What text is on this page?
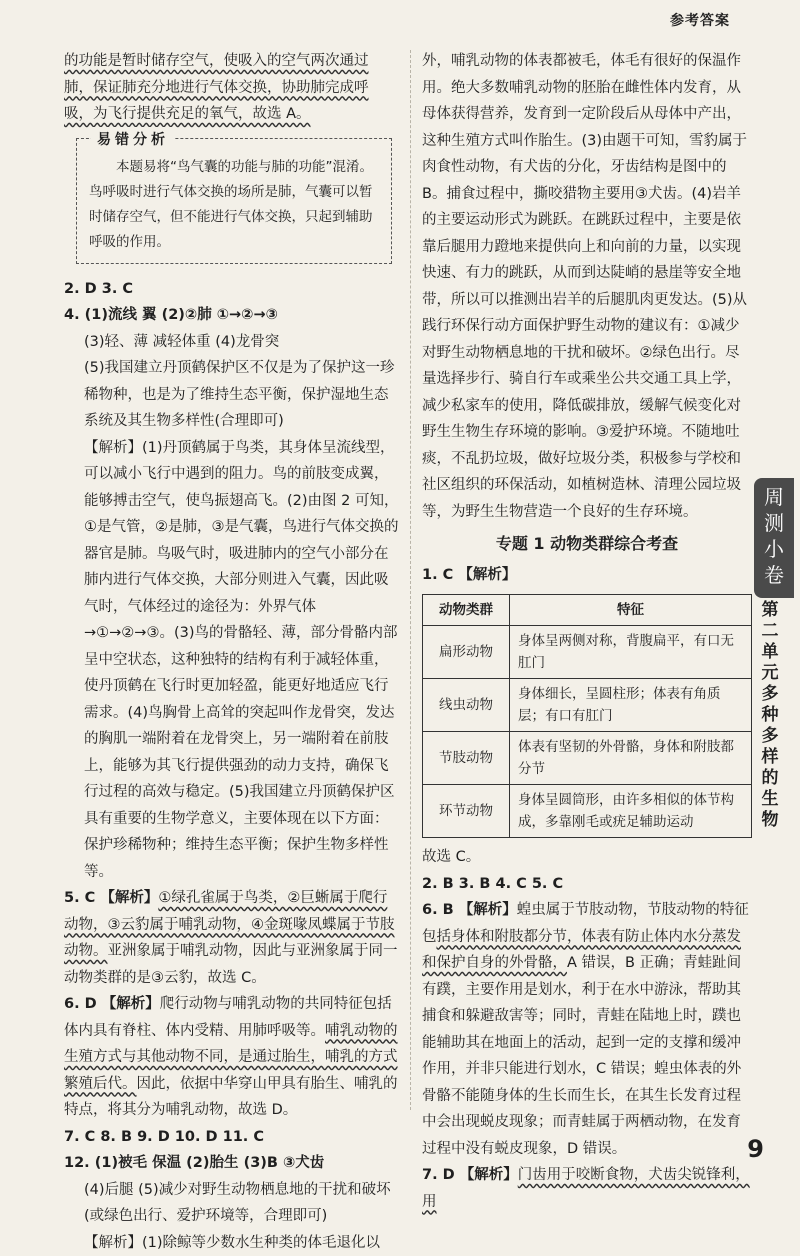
参考答案

的功能是暂时储存空气，使吸入的空气两次通过

肺，保证肺充分地进行气体交换，协助肺完成呼

吸，为飞行提供充足的氧气，故选 A。

易错分析

本题易将“鸟气囊的功能与肺的功能”混淆。鸟呼吸时进行气体交换的场所是肺，气囊可以暂时储存空气，但不能进行气体交换，只起到辅助呼吸的作用。

2. D 3. C

4. (1)流线 翼 (2)②肺 ①→②→③

(3)轻、薄 减轻体重 (4)龙骨突

(5)我国建立丹顶鹤保护区不仅是为了保护这一珍稀物种，也是为了维持生态平衡，保护湿地生态系统及其生物多样性(合理即可)

【解析】(1)丹顶鹤属于鸟类，其身体呈流线型，可以减小飞行中遇到的阻力。鸟的前肢变成翼，能够搏击空气，使鸟振翅高飞。(2)由图 2 可知，①是气管，②是肺，③是气囊，鸟进行气体交换的器官是肺。鸟吸气时，吸进肺内的空气小部分在肺内进行气体交换，大部分则进入气囊，因此吸气时，气体经过的途径为：外界气体→①→②→③。(3)鸟的骨骼轻、薄，部分骨骼内部呈中空状态，这种独特的结构有利于减轻体重，使丹顶鹤在飞行时更加轻盈，能更好地适应飞行需求。(4)鸟胸骨上高耸的突起叫作龙骨突，发达的胸肌一端附着在龙骨突上，另一端附着在前肢上，能够为其飞行提供强劲的动力支持，确保飞行过程的高效与稳定。(5)我国建立丹顶鹤保护区具有重要的生物学意义，主要体现在以下方面：保护珍稀物种；维持生态平衡；保护生物多样性等。

5. C 【解析】①绿孔雀属于鸟类，②巨蜥属于爬行动物，③云豹属于哺乳动物，④金斑喙凤蝶属于节肢动物。亚洲象属于哺乳动物，因此与亚洲象属于同一动物类群的是③云豹，故选 C。

6. D 【解析】爬行动物与哺乳动物的共同特征包括体内具有脊柱、体内受精、用肺呼吸等。哺乳动物的生殖方式与其他动物不同，是通过胎生，哺乳的方式繁殖后代。因此，依据中华穿山甲具有胎生、哺乳的特点，将其分为哺乳动物，故选 D。

7. C 8. B 9. D 10. D 11. C

12. (1)被毛 保温 (2)胎生 (3)B ③犬齿

(4)后腿 (5)减少对野生动物栖息地的干扰和破坏(或绿色出行、爱护环境等，合理即可)

【解析】(1)除鲸等少数水生种类的体毛退化以

外，哺乳动物的体表都被毛，体毛有很好的保温作用。绝大多数哺乳动物的胚胎在雌性体内发育，从母体获得营养，发育到一定阶段后从母体中产出，这种生殖方式叫作胎生。(3)由题干可知，雪豹属于肉食性动物，有犬齿的分化，牙齿结构是图中的 B。捕食过程中，撕咬猎物主要用③犬齿。(4)岩羊的主要运动形式为跳跃。在跳跃过程中，主要是依靠后腿用力蹬地来提供向上和向前的力量，以实现快速、有力的跳跃，从而到达陡峭的悬崖等安全地带，所以可以推测出岩羊的后腿肌肉更发达。(5)从践行环保行动方面保护野生动物的建议有：①减少对野生动物栖息地的干扰和破坏。②绿色出行。尽量选择步行、骑自行车或乘坐公共交通工具上学，减少私家车的使用，降低碳排放，缓解气候变化对野生生物生存环境的影响。③爱护环境。不随地吐痰，不乱扔垃圾，做好垃圾分类，积极参与学校和社区组织的环保活动，如植树造林、清理公园垃圾等，为野生生物营造一个良好的生存环境。

专题 1 动物类群综合考查

1. C 【解析】

动物类群	特征
扁形动物	身体呈两侧对称，背腹扁平，有口无肛门
线虫动物	身体细长，呈圆柱形；体表有角质层；有口有肛门
节肢动物	体表有坚韧的外骨骼，身体和附肢都分节
环节动物	身体呈圆筒形，由许多相似的体节构成，多靠刚毛或疣足辅助运动

故选 C。

2. B 3. B 4. C 5. C

6. B 【解析】蝗虫属于节肢动物，节肢动物的特征包括身体和附肢都分节，体表有防止体内水分蒸发和保护自身的外骨骼，A 错误，B 正确；青蛙趾间有蹼，主要作用是划水，利于在水中游泳，帮助其捕食和躲避敌害等；同时，青蛙在陆地上时，蹼也能辅助其在地面上的活动，起到一定的支撑和缓冲作用，并非只能进行划水，C 错误；蝗虫体表的外骨骼不能随身体的生长而生长，在其生长发育过程中会出现蜕皮现象；而青蛙属于两栖动物，在发育过程中没有蜕皮现象，D 错误。

7. D 【解析】门齿用于咬断食物，犬齿尖锐锋利，用

周
测
小
卷
第
二
单
元

多
种
多
样
的
生
物
9
